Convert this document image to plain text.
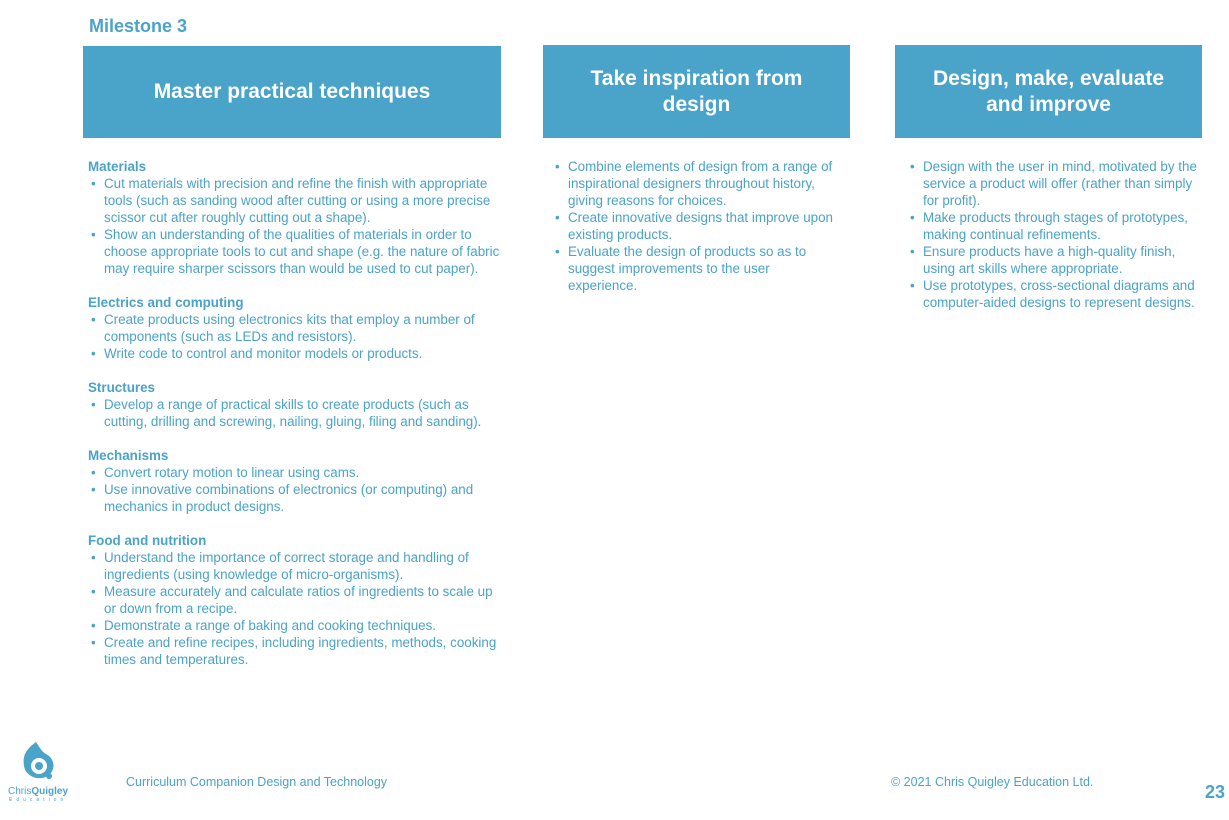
Milestone 3
Master practical techniques
Take inspiration from design
Design, make, evaluate and improve
Materials
• Cut materials with precision and refine the finish with appropriate tools (such as sanding wood after cutting or using a more precise scissor cut after roughly cutting out a shape).
• Show an understanding of the qualities of materials in order to choose appropriate tools to cut and shape (e.g. the nature of fabric may require sharper scissors than would be used to cut paper).
Electrics and computing
• Create products using electronics kits that employ a number of components (such as LEDs and resistors).
• Write code to control and monitor models or products.
Structures
• Develop a range of practical skills to create products (such as cutting, drilling and screwing, nailing, gluing, filing and sanding).
Mechanisms
• Convert rotary motion to linear using cams.
• Use innovative combinations of electronics (or computing) and mechanics in product designs.
Food and nutrition
• Understand the importance of correct storage and handling of ingredients (using knowledge of micro-organisms).
• Measure accurately and calculate ratios of ingredients to scale up or down from a recipe.
• Demonstrate a range of baking and cooking techniques.
• Create and refine recipes, including ingredients, methods, cooking times and temperatures.
• Combine elements of design from a range of inspirational designers throughout history, giving reasons for choices.
• Create innovative designs that improve upon existing products.
• Evaluate the design of products so as to suggest improvements to the user experience.
• Design with the user in mind, motivated by the service a product will offer (rather than simply for profit).
• Make products through stages of prototypes, making continual refinements.
• Ensure products have a high-quality finish, using art skills where appropriate.
• Use prototypes, cross-sectional diagrams and computer-aided designs to represent designs.
ChrisQuigley
Education
Curriculum Companion Design and Technology	© 2021 Chris Quigley Education Ltd.	23
